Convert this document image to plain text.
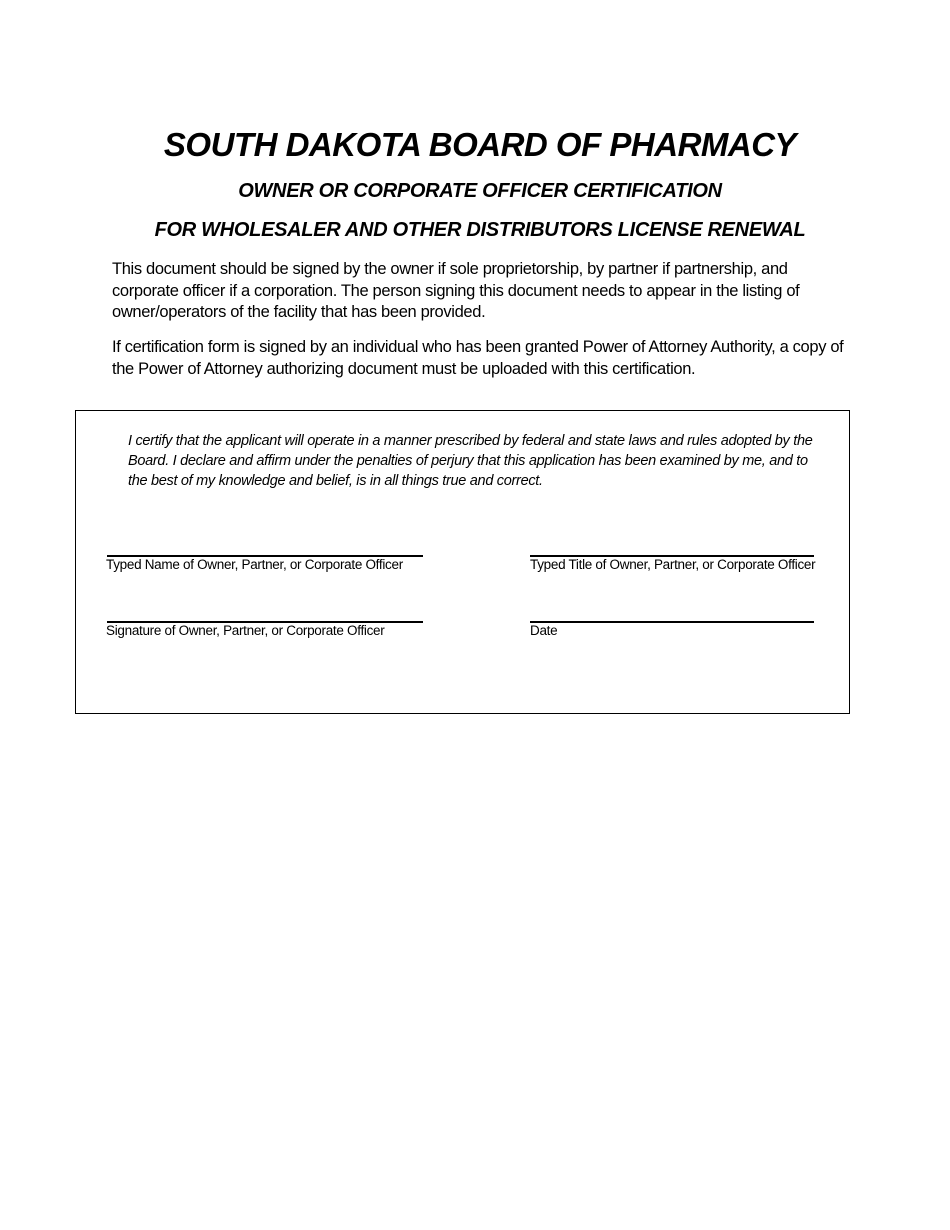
SOUTH DAKOTA BOARD OF PHARMACY
OWNER OR CORPORATE OFFICER CERTIFICATION
FOR WHOLESALER AND OTHER DISTRIBUTORS LICENSE RENEWAL
This document should be signed by the owner if sole proprietorship, by partner if partnership, and corporate officer if a corporation. The person signing this document needs to appear in the listing of owner/operators of the facility that has been provided.
If certification form is signed by an individual who has been granted Power of Attorney Authority, a copy of the Power of Attorney authorizing document must be uploaded with this certification.
I certify that the applicant will operate in a manner prescribed by federal and state laws and rules adopted by the Board. I declare and affirm under the penalties of perjury that this application has been examined by me, and to the best of my knowledge and belief, is in all things true and correct.
Typed Name of Owner, Partner, or Corporate Officer	Typed Title of Owner, Partner, or Corporate Officer
Signature of Owner, Partner, or Corporate Officer	Date
